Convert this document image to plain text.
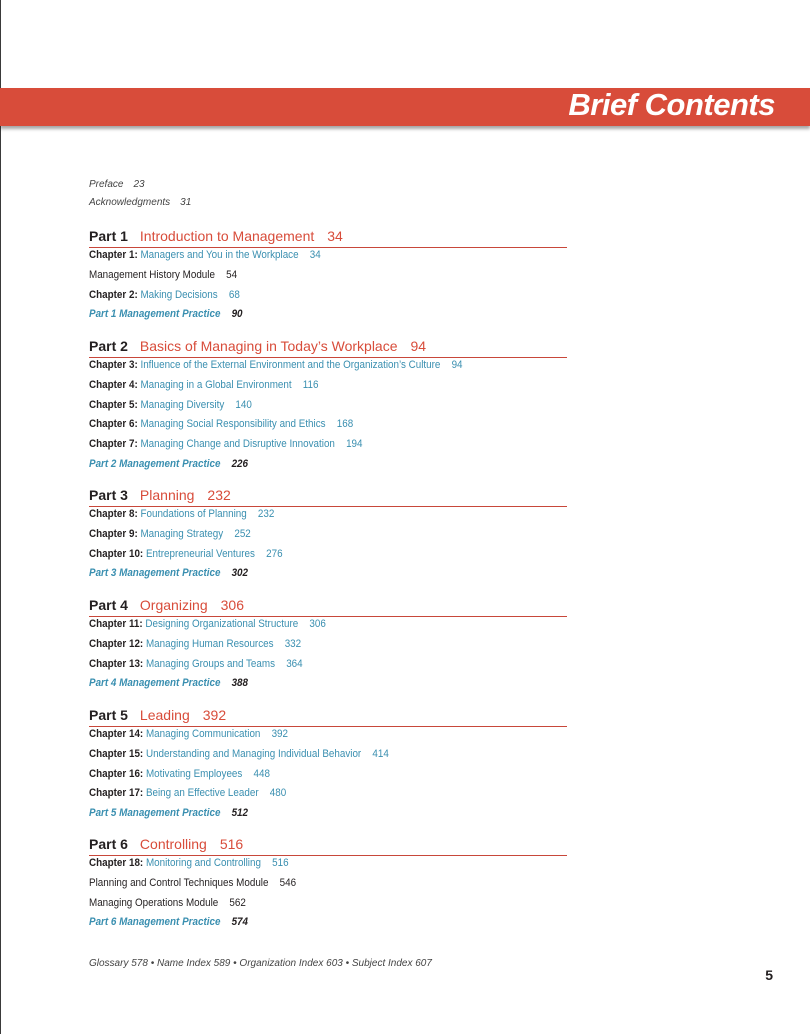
Brief Contents
Preface 23
Acknowledgments 31
Part 1 Introduction to Management 34
Chapter 1: Managers and You in the Workplace 34
Management History Module 54
Chapter 2: Making Decisions 68
Part 1 Management Practice 90
Part 2 Basics of Managing in Today’s Workplace 94
Chapter 3: Influence of the External Environment and the Organization’s Culture 94
Chapter 4: Managing in a Global Environment 116
Chapter 5: Managing Diversity 140
Chapter 6: Managing Social Responsibility and Ethics 168
Chapter 7: Managing Change and Disruptive Innovation 194
Part 2 Management Practice 226
Part 3 Planning 232
Chapter 8: Foundations of Planning 232
Chapter 9: Managing Strategy 252
Chapter 10: Entrepreneurial Ventures 276
Part 3 Management Practice 302
Part 4 Organizing 306
Chapter 11: Designing Organizational Structure 306
Chapter 12: Managing Human Resources 332
Chapter 13: Managing Groups and Teams 364
Part 4 Management Practice 388
Part 5 Leading 392
Chapter 14: Managing Communication 392
Chapter 15: Understanding and Managing Individual Behavior 414
Chapter 16: Motivating Employees 448
Chapter 17: Being an Effective Leader 480
Part 5 Management Practice 512
Part 6 Controlling 516
Chapter 18: Monitoring and Controlling 516
Planning and Control Techniques Module 546
Managing Operations Module 562
Part 6 Management Practice 574
Glossary 578 • Name Index 589 • Organization Index 603 • Subject Index 607
5
